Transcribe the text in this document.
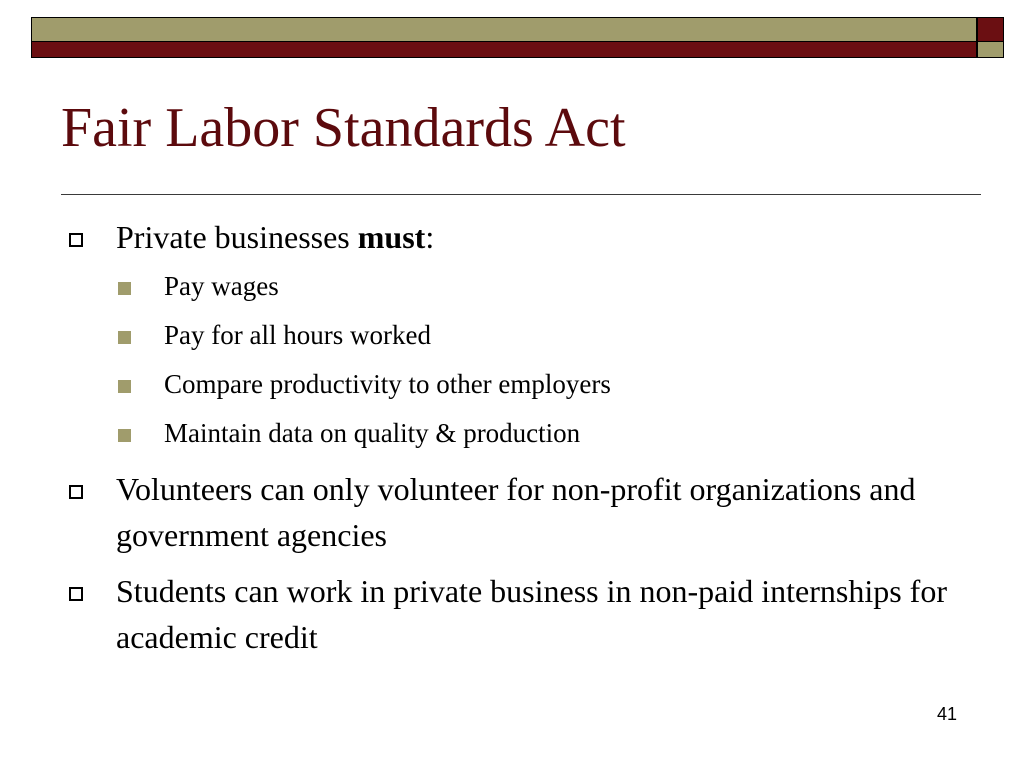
Fair Labor Standards Act
Private businesses must:
Pay wages
Pay for all hours worked
Compare productivity to other employers
Maintain data on quality & production
Volunteers can only volunteer for non-profit organizations and government agencies
Students can work in private business in non-paid internships for academic credit
41
